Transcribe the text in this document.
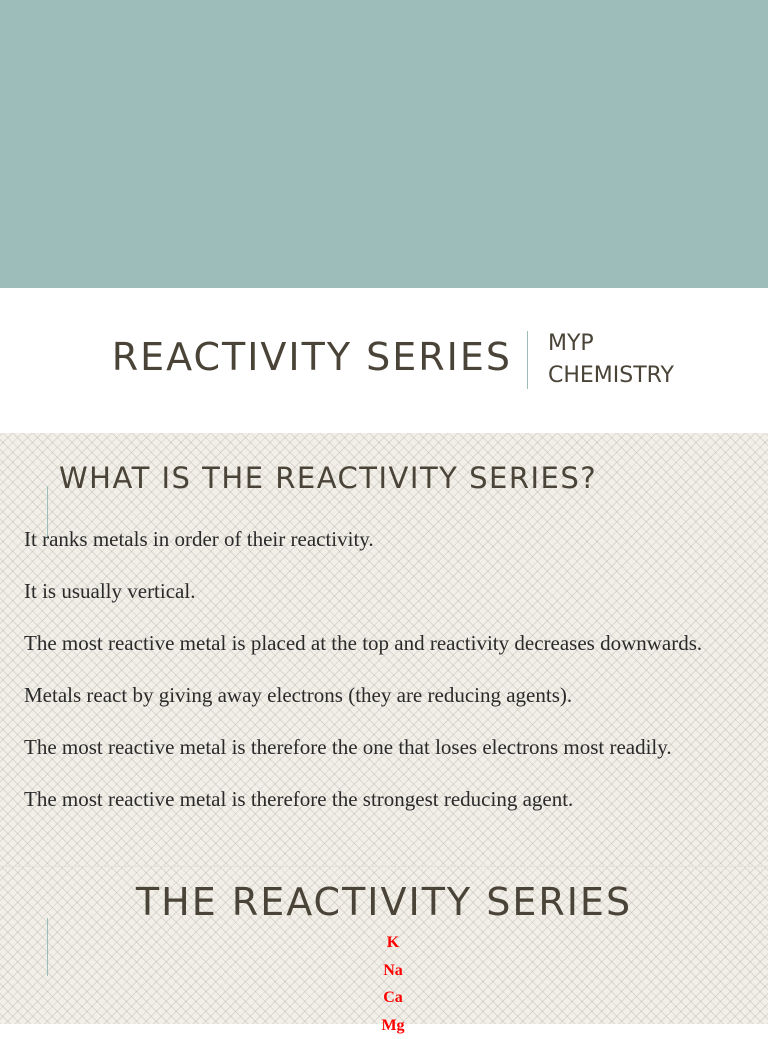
REACTIVITY SERIES MYP
CHEMISTRY
WHAT IS THE REACTIVITY SERIES?
It ranks metals in order of their reactivity.
It is usually vertical.
The most reactive metal is placed at the top and reactivity decreases downwards.
Metals react by giving away electrons (they are reducing agents).
The most reactive metal is therefore the one that loses electrons most readily.
The most reactive metal is therefore the strongest reducing agent.
THE REACTIVITY SERIES
K
Na
Ca
Mg
